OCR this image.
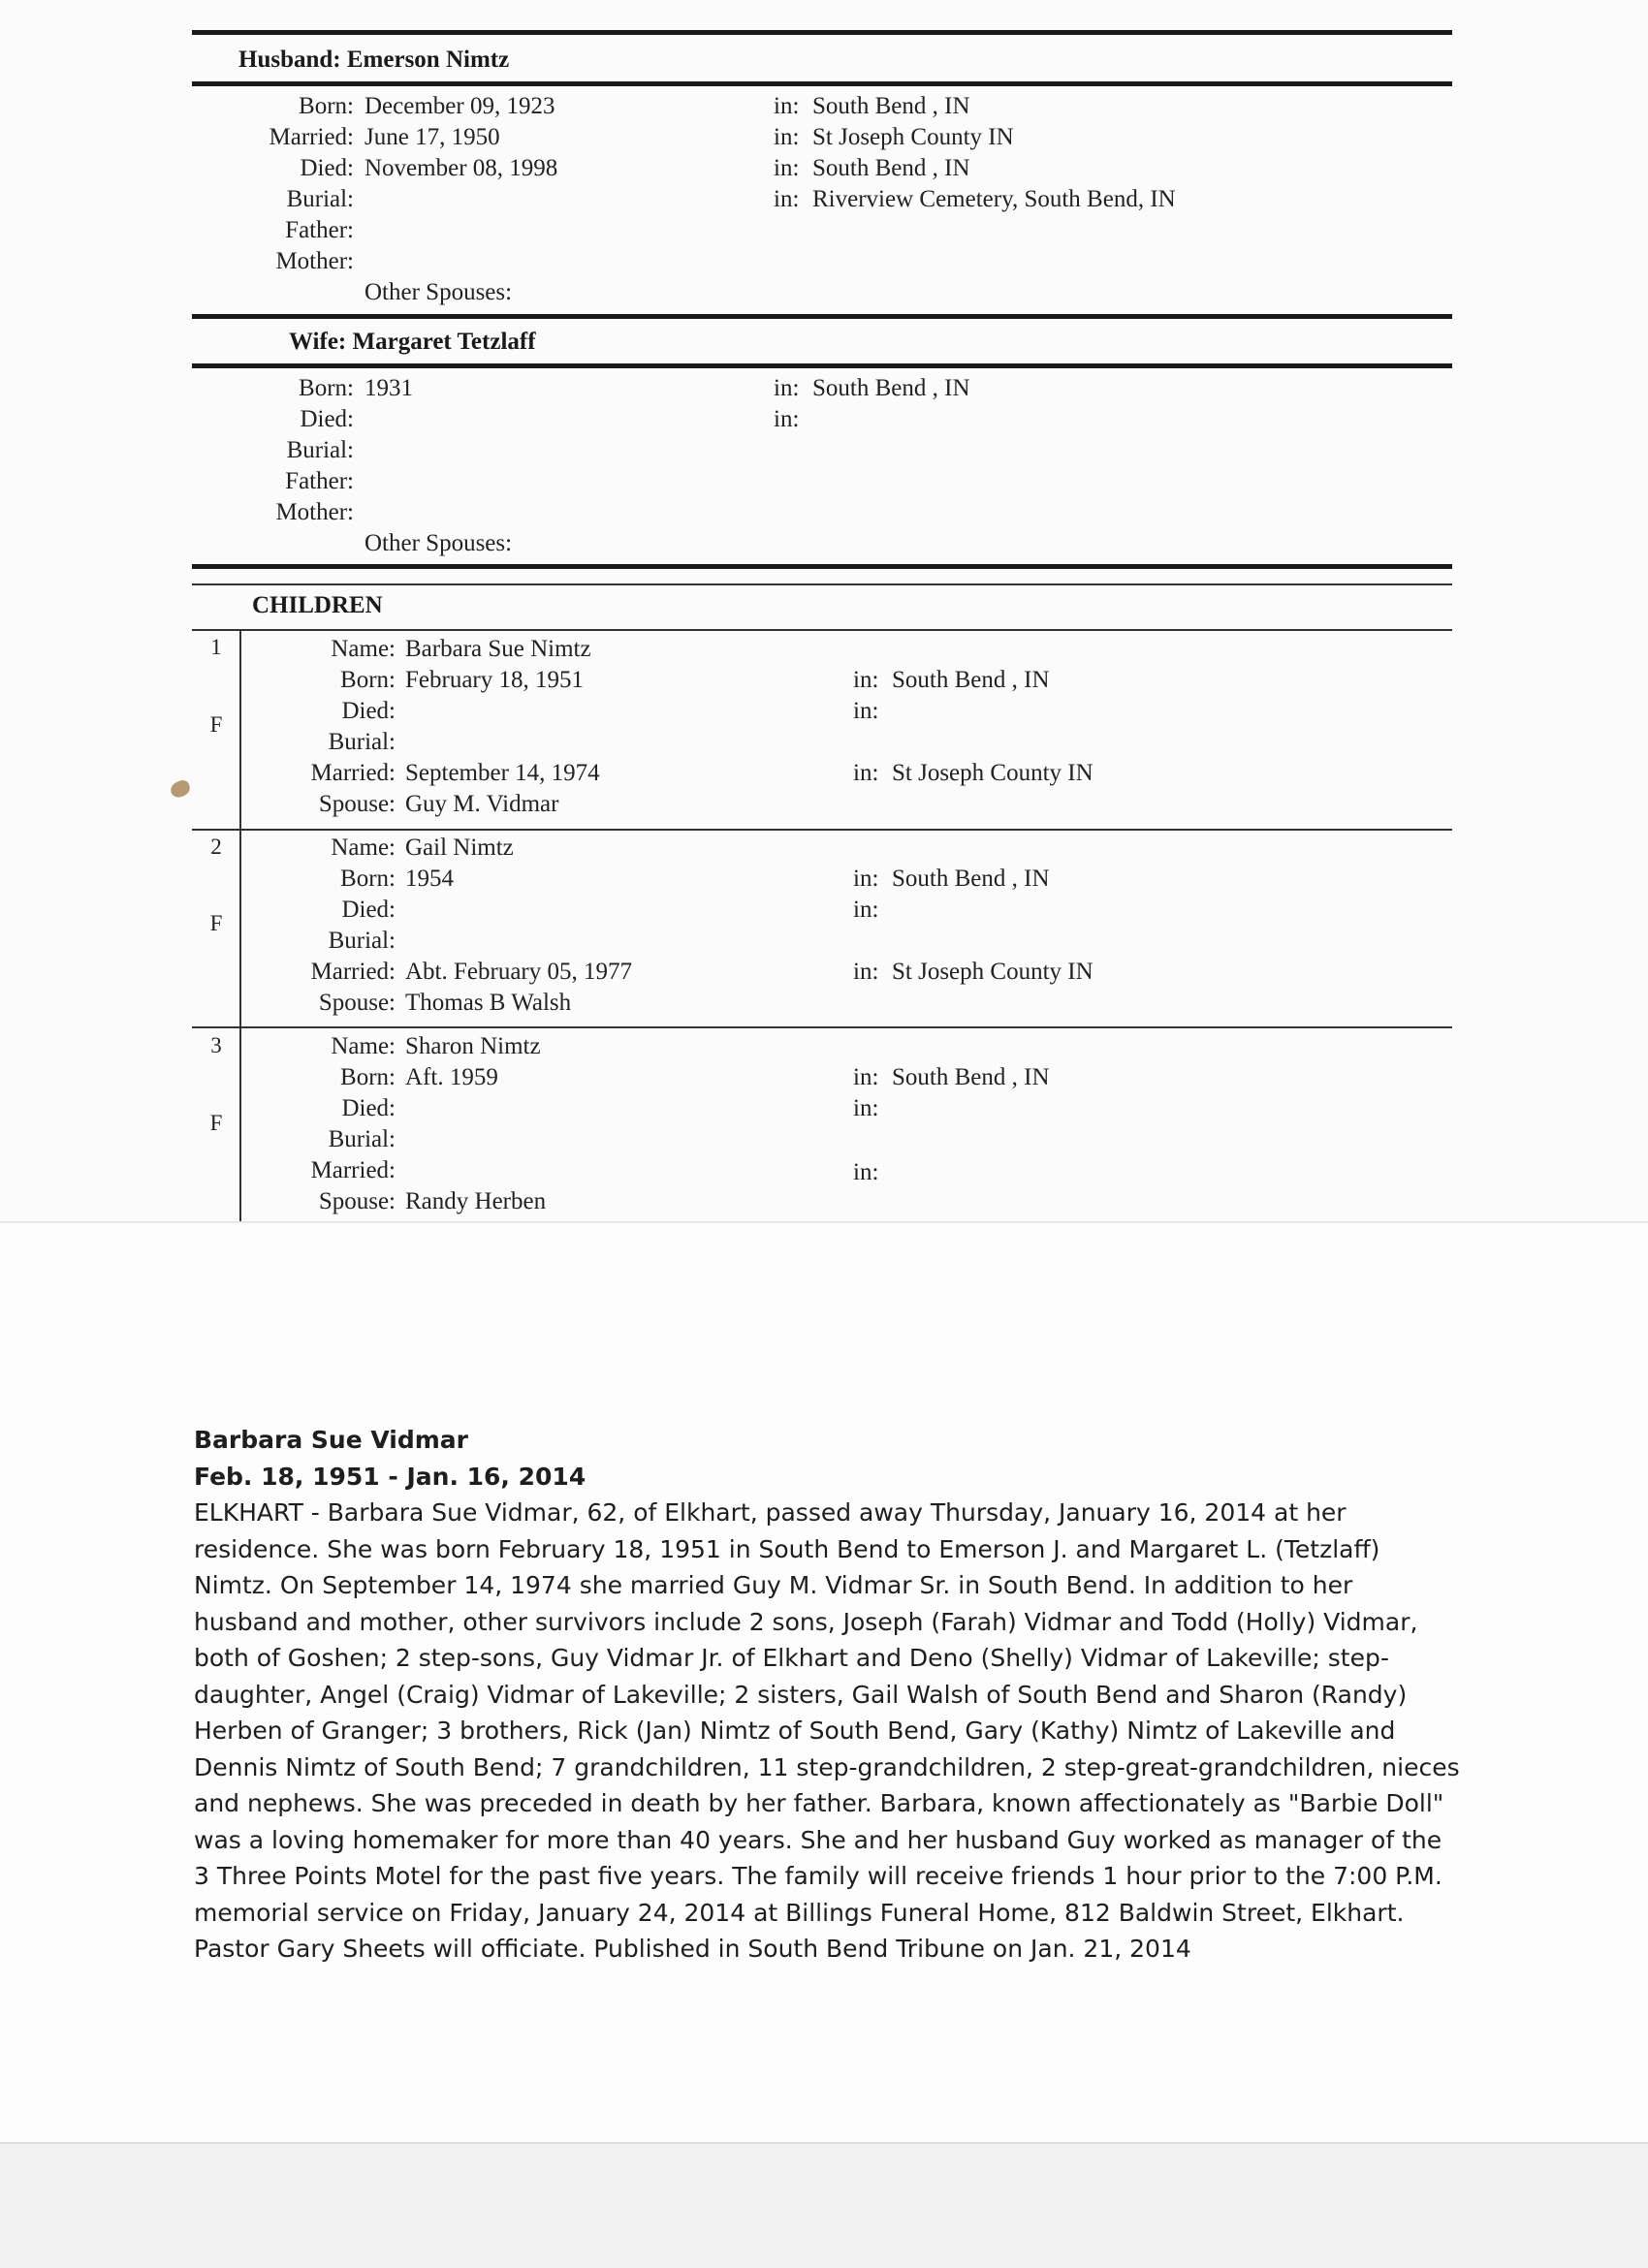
Husband: Emerson Nimtz
Born: December 09, 1923	in: South Bend , IN
Married: June 17, 1950	in: St Joseph County IN
Died: November 08, 1998	in: South Bend , IN
Burial:	in: Riverview Cemetery, South Bend, IN
Father:
Mother:
Other Spouses:
Wife: Margaret Tetzlaff
Born: 1931	in: South Bend , IN
Died:	in:
Burial:
Father:
Mother:
Other Spouses:
CHILDREN
1
F
Name: Barbara Sue Nimtz
Born: February 18, 1951	in: South Bend , IN
Died:	in:
Burial:
Married: September 14, 1974	in: St Joseph County IN
Spouse: Guy M. Vidmar
2
F
Name: Gail Nimtz
Born: 1954	in: South Bend , IN
Died:	in:
Burial:
Married: Abt. February 05, 1977	in: St Joseph County IN
Spouse: Thomas B Walsh
3
F
Name: Sharon Nimtz
Born: Aft. 1959	in: South Bend , IN
Died:	in:
Burial:
Married:	in:
Spouse: Randy Herben
Barbara Sue Vidmar
Feb. 18, 1951 - Jan. 16, 2014
ELKHART - Barbara Sue Vidmar, 62, of Elkhart, passed away Thursday, January 16, 2014 at her residence. She was born February 18, 1951 in South Bend to Emerson J. and Margaret L. (Tetzlaff) Nimtz. On September 14, 1974 she married Guy M. Vidmar Sr. in South Bend. In addition to her husband and mother, other survivors include 2 sons, Joseph (Farah) Vidmar and Todd (Holly) Vidmar, both of Goshen; 2 step-sons, Guy Vidmar Jr. of Elkhart and Deno (Shelly) Vidmar of Lakeville; step-daughter, Angel (Craig) Vidmar of Lakeville; 2 sisters, Gail Walsh of South Bend and Sharon (Randy) Herben of Granger; 3 brothers, Rick (Jan) Nimtz of South Bend, Gary (Kathy) Nimtz of Lakeville and Dennis Nimtz of South Bend; 7 grandchildren, 11 step-grandchildren, 2 step-great-grandchildren, nieces and nephews. She was preceded in death by her father. Barbara, known affectionately as "Barbie Doll" was a loving homemaker for more than 40 years. She and her husband Guy worked as manager of the 3 Three Points Motel for the past five years. The family will receive friends 1 hour prior to the 7:00 P.M. memorial service on Friday, January 24, 2014 at Billings Funeral Home, 812 Baldwin Street, Elkhart. Pastor Gary Sheets will officiate. Published in South Bend Tribune on Jan. 21, 2014
